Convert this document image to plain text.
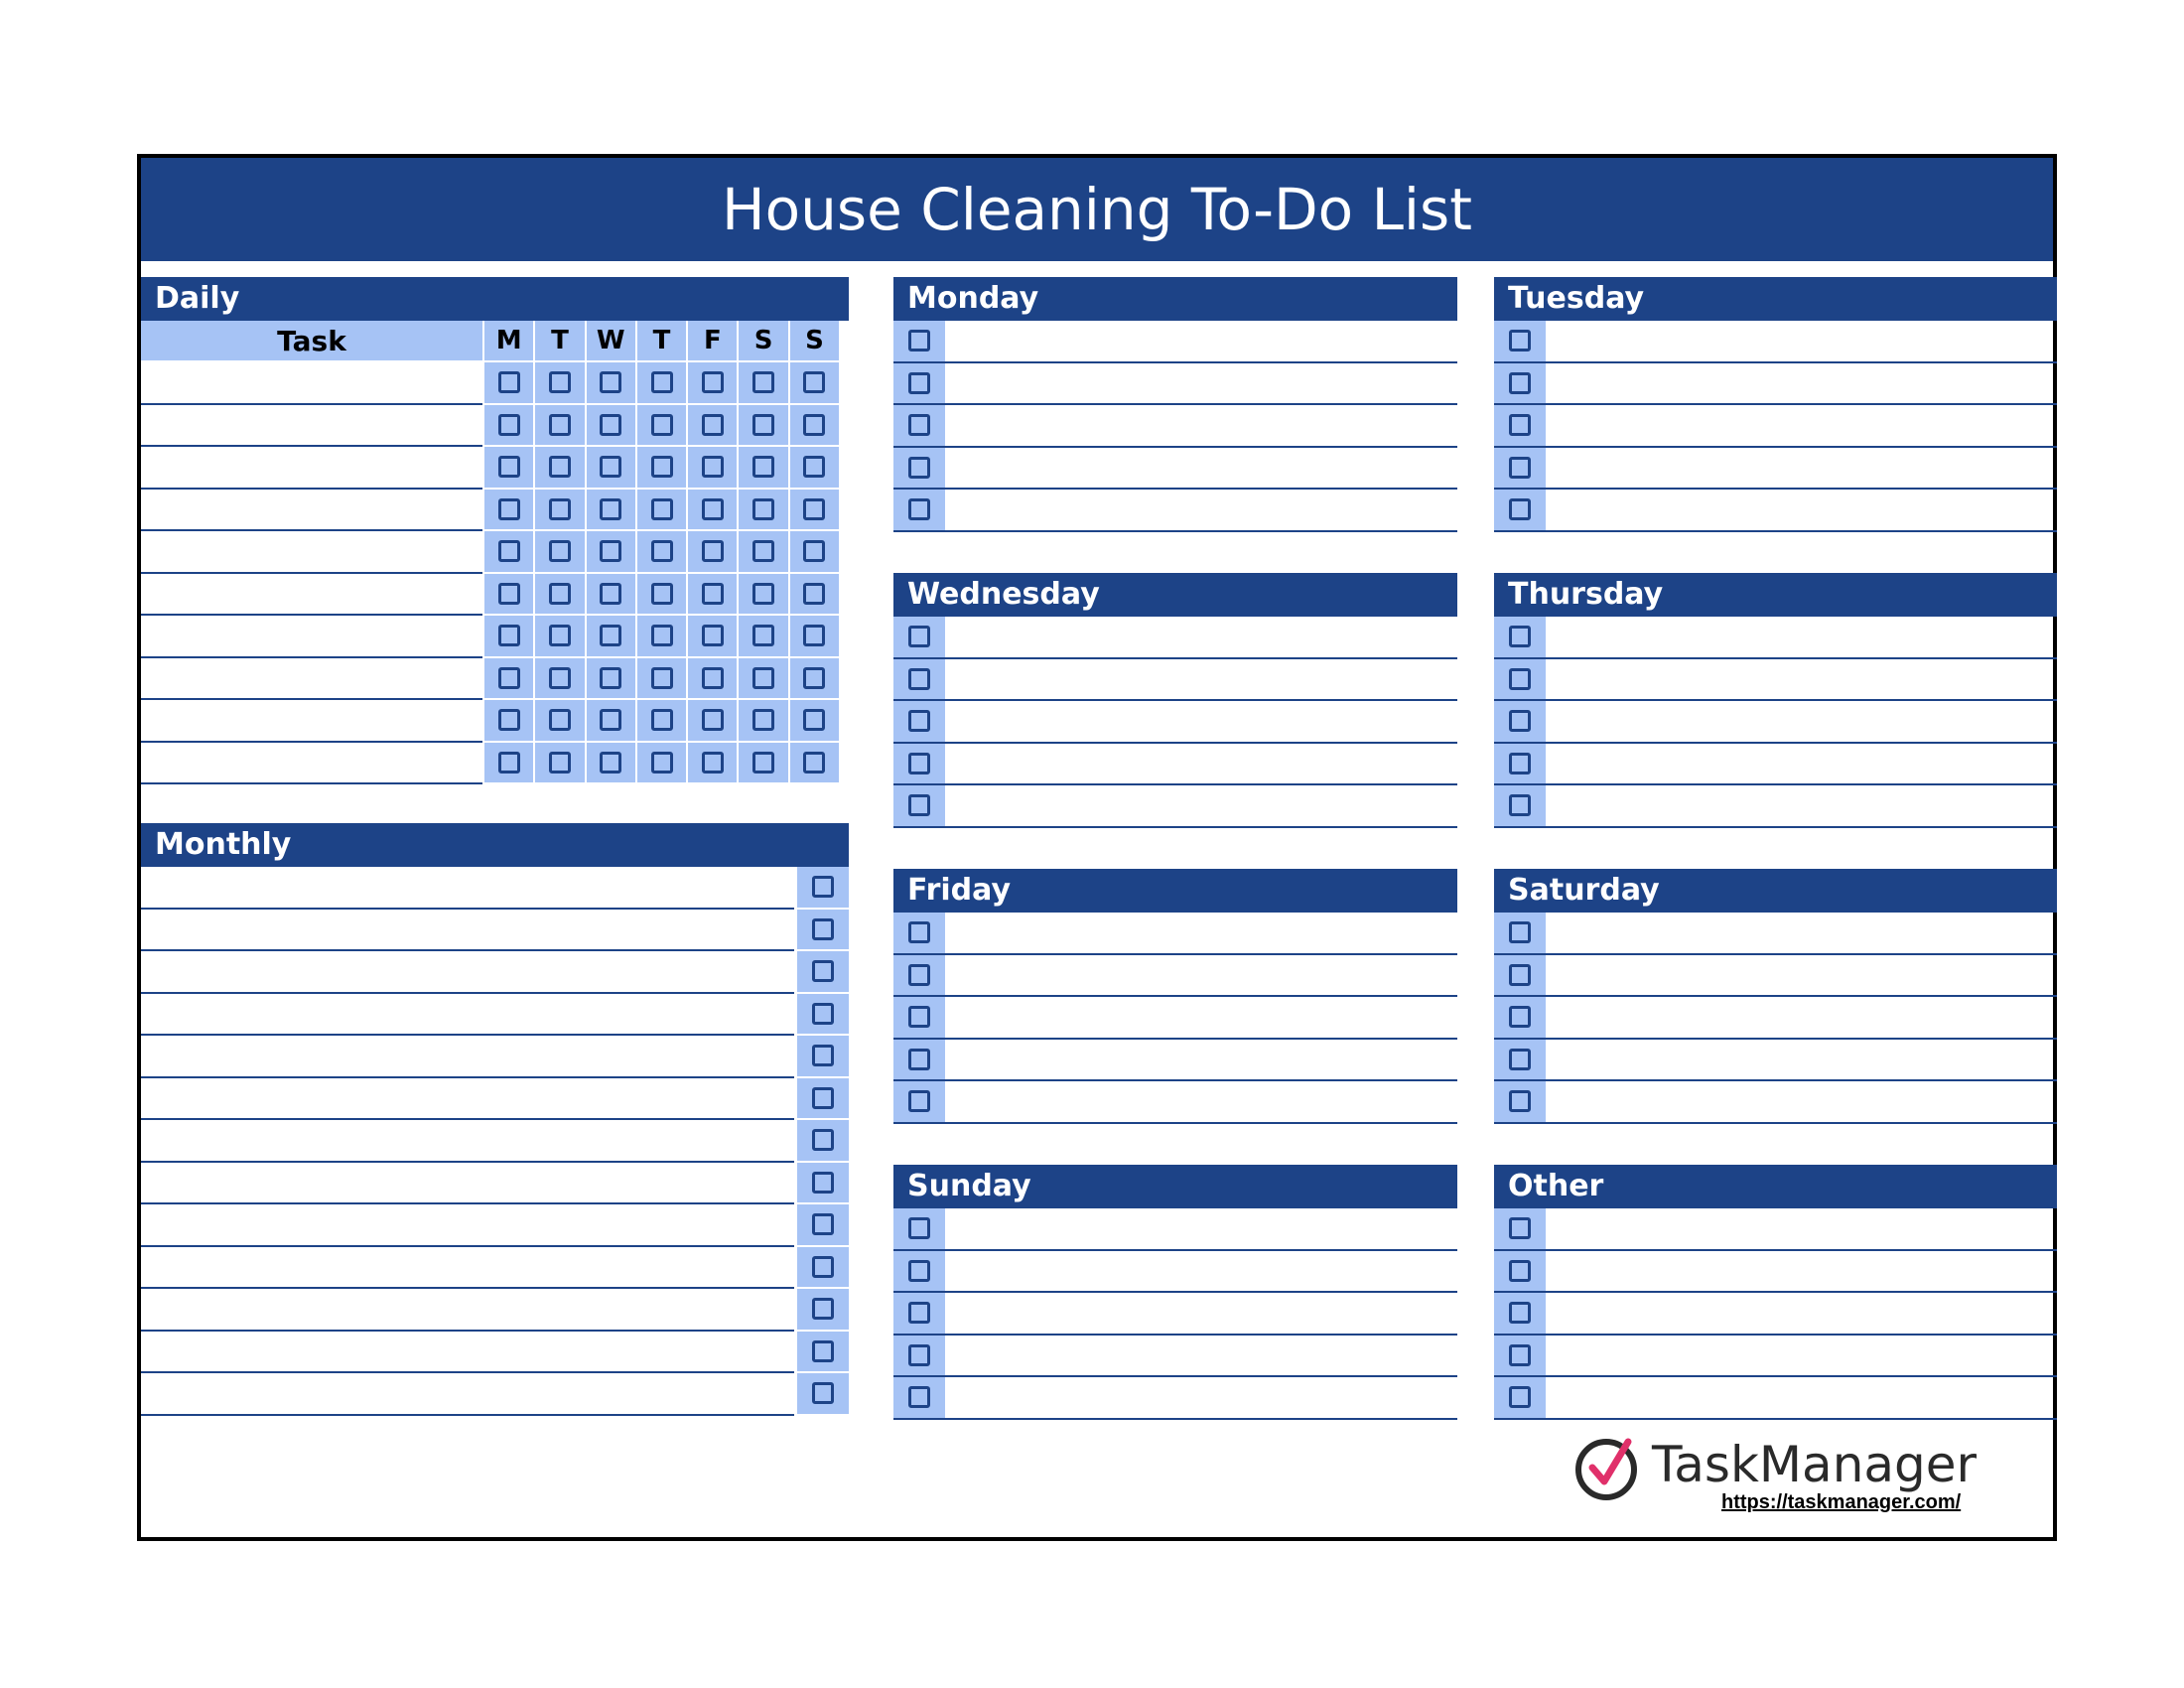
House Cleaning To-Do List
Daily
Task	M	T	W	T	F	S	S
Monthly
Monday	Tuesday
Wednesday	Thursday
Friday	Saturday
Sunday	Other
TaskManager
https://taskmanager.com/
